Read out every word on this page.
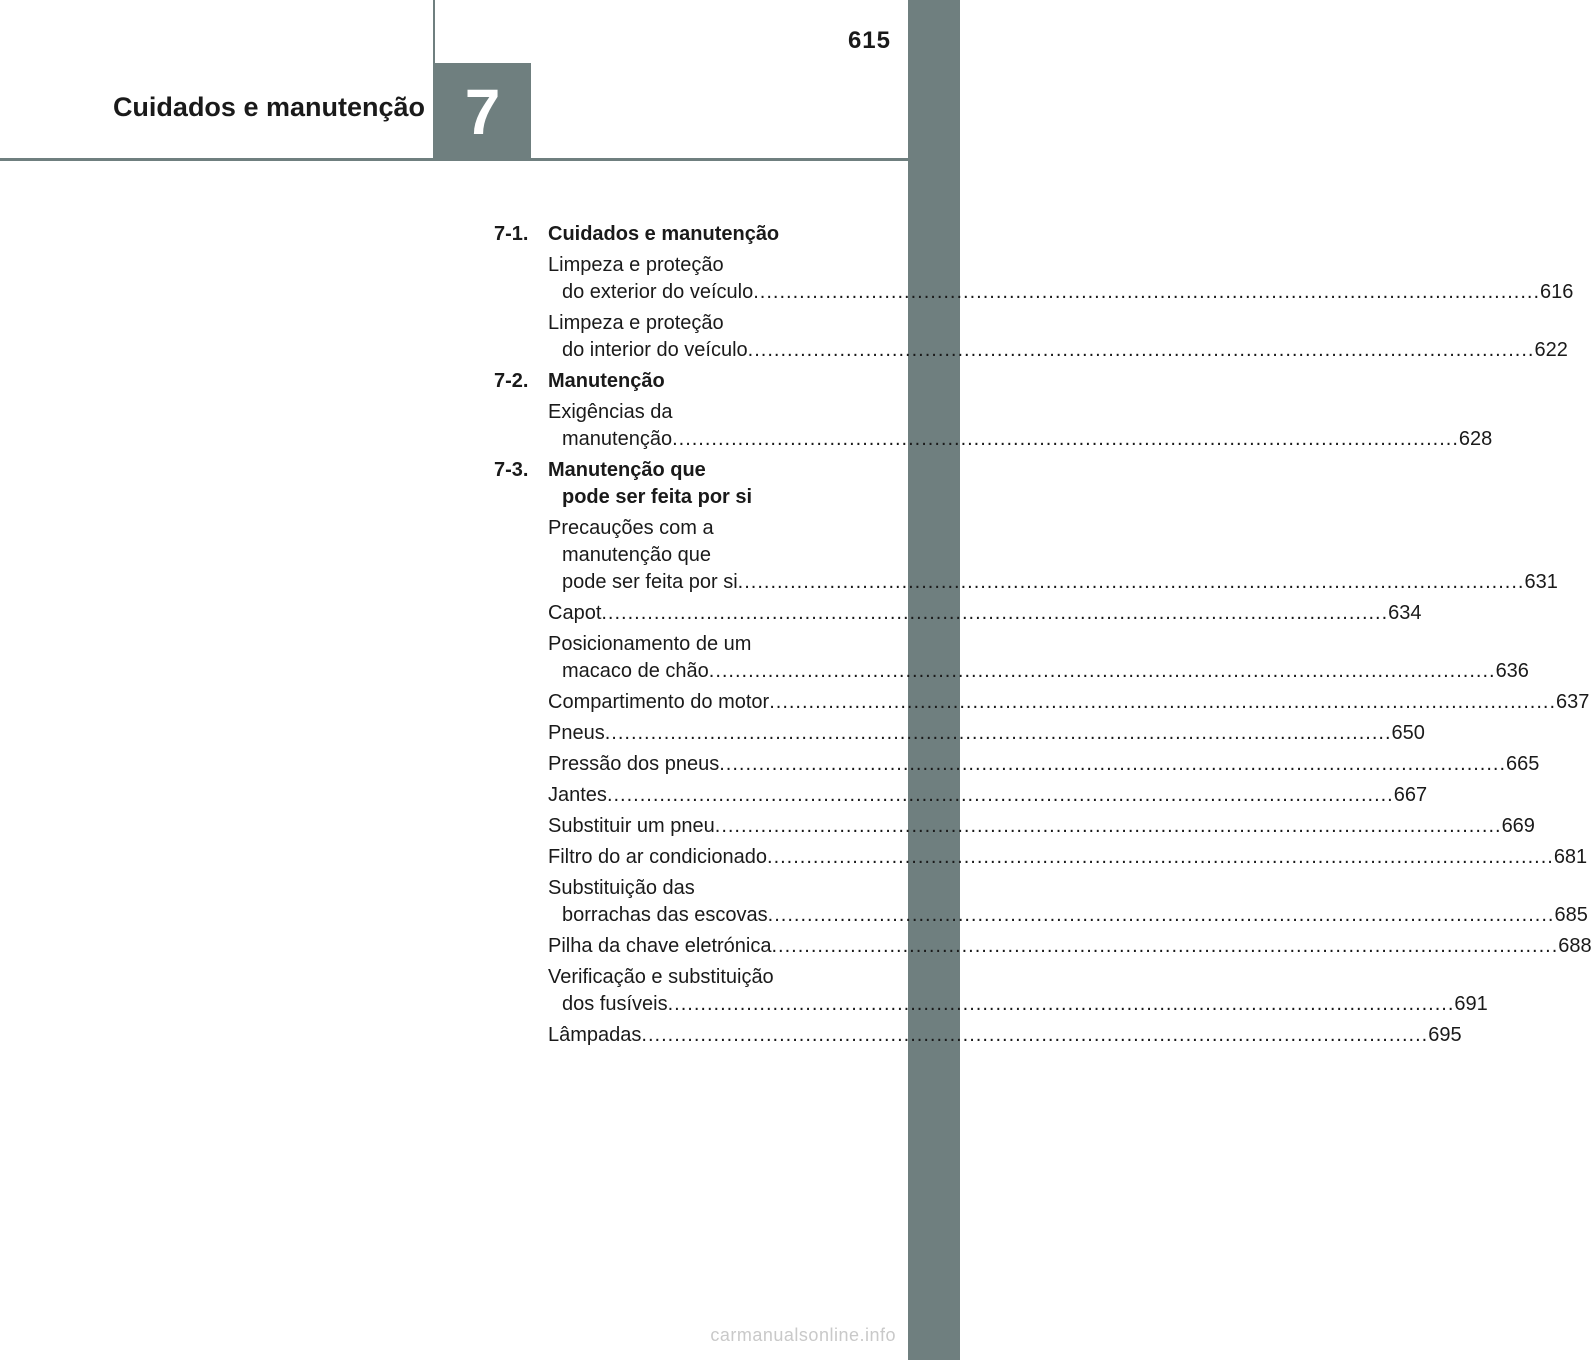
Cuidados e manutenção 7
615
7-1. Cuidados e manutenção
Limpeza e proteção
do exterior do veículo ........................................................................................................................ 616
Limpeza e proteção
do interior do veículo ........................................................................................................................ 622
7-2. Manutenção
Exigências da
manutenção ........................................................................................................................ 628
7-3. Manutenção que
pode ser feita por si
Precauções com a
manutenção que
pode ser feita por si ........................................................................................................................ 631
Capot ........................................................................................................................ 634
Posicionamento de um
macaco de chão ........................................................................................................................ 636
Compartimento do motor ........................................................................................................................ 637
Pneus ........................................................................................................................ 650
Pressão dos pneus ........................................................................................................................ 665
Jantes ........................................................................................................................ 667
Substituir um pneu ........................................................................................................................ 669
Filtro do ar condicionado ........................................................................................................................ 681
Substituição das
borrachas das escovas ........................................................................................................................ 685
Pilha da chave eletrónica ........................................................................................................................ 688
Verificação e substituição
dos fusíveis ........................................................................................................................ 691
Lâmpadas ........................................................................................................................ 695
carmanualsonline.info
